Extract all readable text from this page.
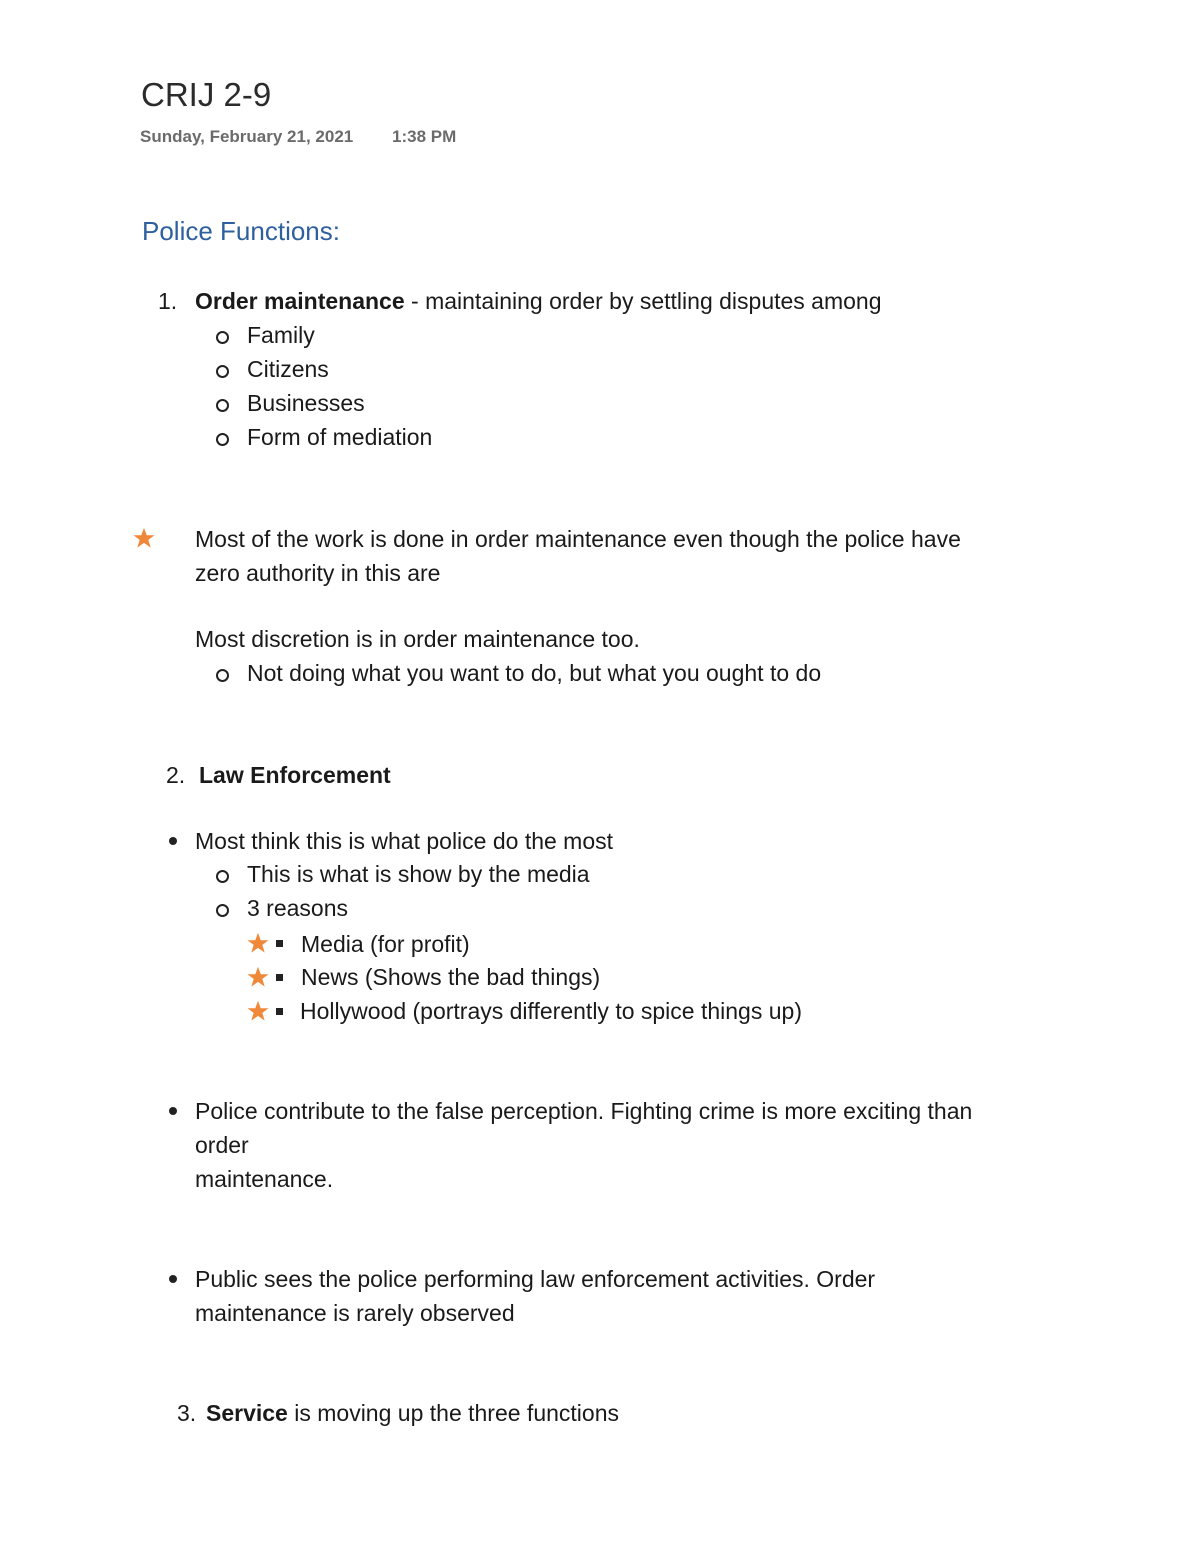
CRIJ 2-9
Sunday, February 21, 2021 1:38 PM
Police Functions:
1. Order maintenance - maintaining order by settling disputes among
Family
Citizens
Businesses
Form of mediation
Most of the work is done in order maintenance even though the police have
zero authority in this are
Most discretion is in order maintenance too.
Not doing what you want to do, but what you ought to do
2. Law Enforcement
Most think this is what police do the most
This is what is show by the media
3 reasons
Media (for profit)
News (Shows the bad things)
Hollywood (portrays differently to spice things up)
Police contribute to the false perception. Fighting crime is more exciting than
order
maintenance.
Public sees the police performing law enforcement activities. Order
maintenance is rarely observed
3. Service is moving up the three functions
